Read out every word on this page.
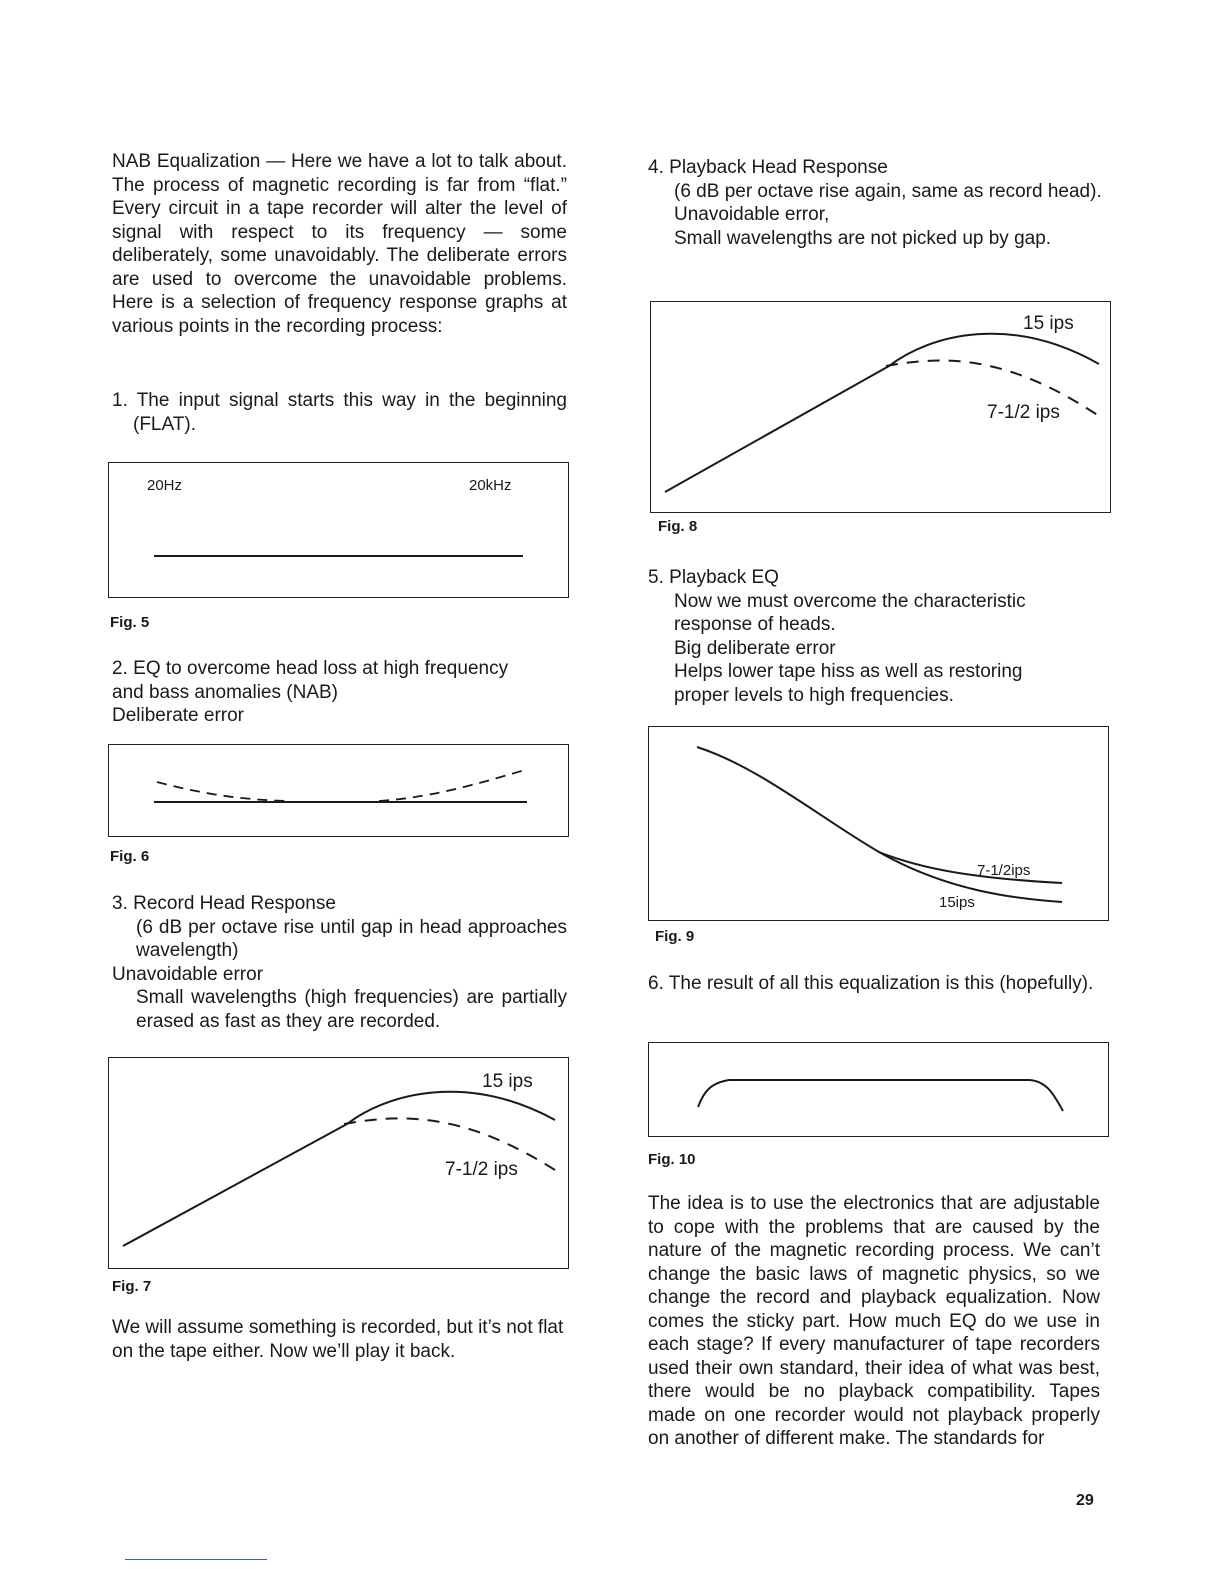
NAB Equalization — Here we have a lot to talk about. The process of magnetic recording is far from “flat.” Every circuit in a tape recorder will alter the level of signal with respect to its frequency — some deliberately, some unavoidably. The deliberate errors are used to overcome the unavoidable problems. Here is a selection of frequency response graphs at various points in the recording process:

1. The input signal starts this way in the beginning (FLAT).

20Hz	20kHz
Fig. 5

2. EQ to overcome head loss at high frequency

and bass anomalies (NAB)

Deliberate error

Fig. 6

3. Record Head Response

(6 dB per octave rise until gap in head approaches wavelength)

Unavoidable error

Small wavelengths (high frequencies) are partially erased as fast as they are recorded.

15 ips
7-1/2 ips
Fig. 7

We will assume something is recorded, but it’s not flat on the tape either. Now we’ll play it back.

4. Playback Head Response

(6 dB per octave rise again, same as record head).

Unavoidable error,

Small wavelengths are not picked up by gap.

15 ips
7-1/2 ips
Fig. 8

5. Playback EQ

Now we must overcome the characteristic

response of heads.

Big deliberate error

Helps lower tape hiss as well as restoring

proper levels to high frequencies.

7-1/2ips
15ips
Fig. 9

6. The result of all this equalization is this (hopefully).

Fig. 10

The idea is to use the electronics that are adjustable to cope with the problems that are caused by the nature of the magnetic recording process. We can’t change the basic laws of magnetic physics, so we change the record and playback equalization. Now comes the sticky part. How much EQ do we use in each stage? If every manufacturer of tape recorders used their own standard, their idea of what was best, there would be no playback compatibility. Tapes made on one recorder would not playback properly on another of different make. The standards for

29
